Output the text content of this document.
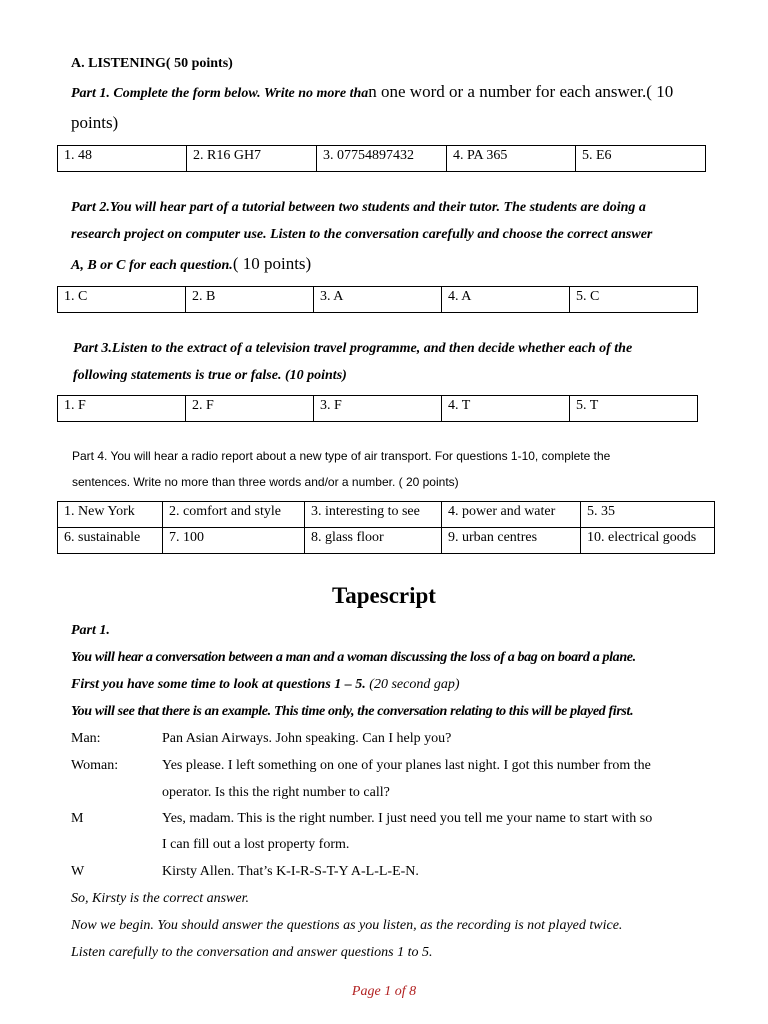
A. LISTENING( 50 points)
Part 1. Complete the form below. Write no more than one word or a number for each answer.( 10
points)
1. 48	2. R16 GH7	3. 07754897432	4. PA 365	5. E6
Part 2.You will hear part of a tutorial between two students and their tutor. The students are doing a
research project on computer use. Listen to the conversation carefully and choose the correct answer
A, B or C for each question.( 10 points)
1. C	2. B	3. A	4. A	5. C
Part 3.Listen to the extract of a television travel programme, and then decide whether each of the
following statements is true or false. (10 points)
1. F	2. F	3. F	4. T	5. T
Part 4. You will hear a radio report about a new type of air transport. For questions 1-10, complete the
sentences. Write no more than three words and/or a number. ( 20 points)
1. New York	2. comfort and style	3. interesting to see	4. power and water	5. 35
6. sustainable	7. 100	8. glass floor	9. urban centres	10. electrical goods
Tapescript
Part 1.
You will hear a conversation between a man and a woman discussing the loss of a bag on board a plane.
First you have some time to look at questions 1 – 5. (20 second gap)
You will see that there is an example. This time only, the conversation relating to this will be played first.
Man:	Pan Asian Airways. John speaking. Can I help you?
Woman:	Yes please. I left something on one of your planes last night. I got this number from the
operator. Is this the right number to call?
M	Yes, madam. This is the right number. I just need you tell me your name to start with so
I can fill out a lost property form.
W	Kirsty Allen. That’s K-I-R-S-T-Y A-L-L-E-N.
So, Kirsty is the correct answer.
Now we begin. You should answer the questions as you listen, as the recording is not played twice.
Listen carefully to the conversation and answer questions 1 to 5.
Page 1 of 8
